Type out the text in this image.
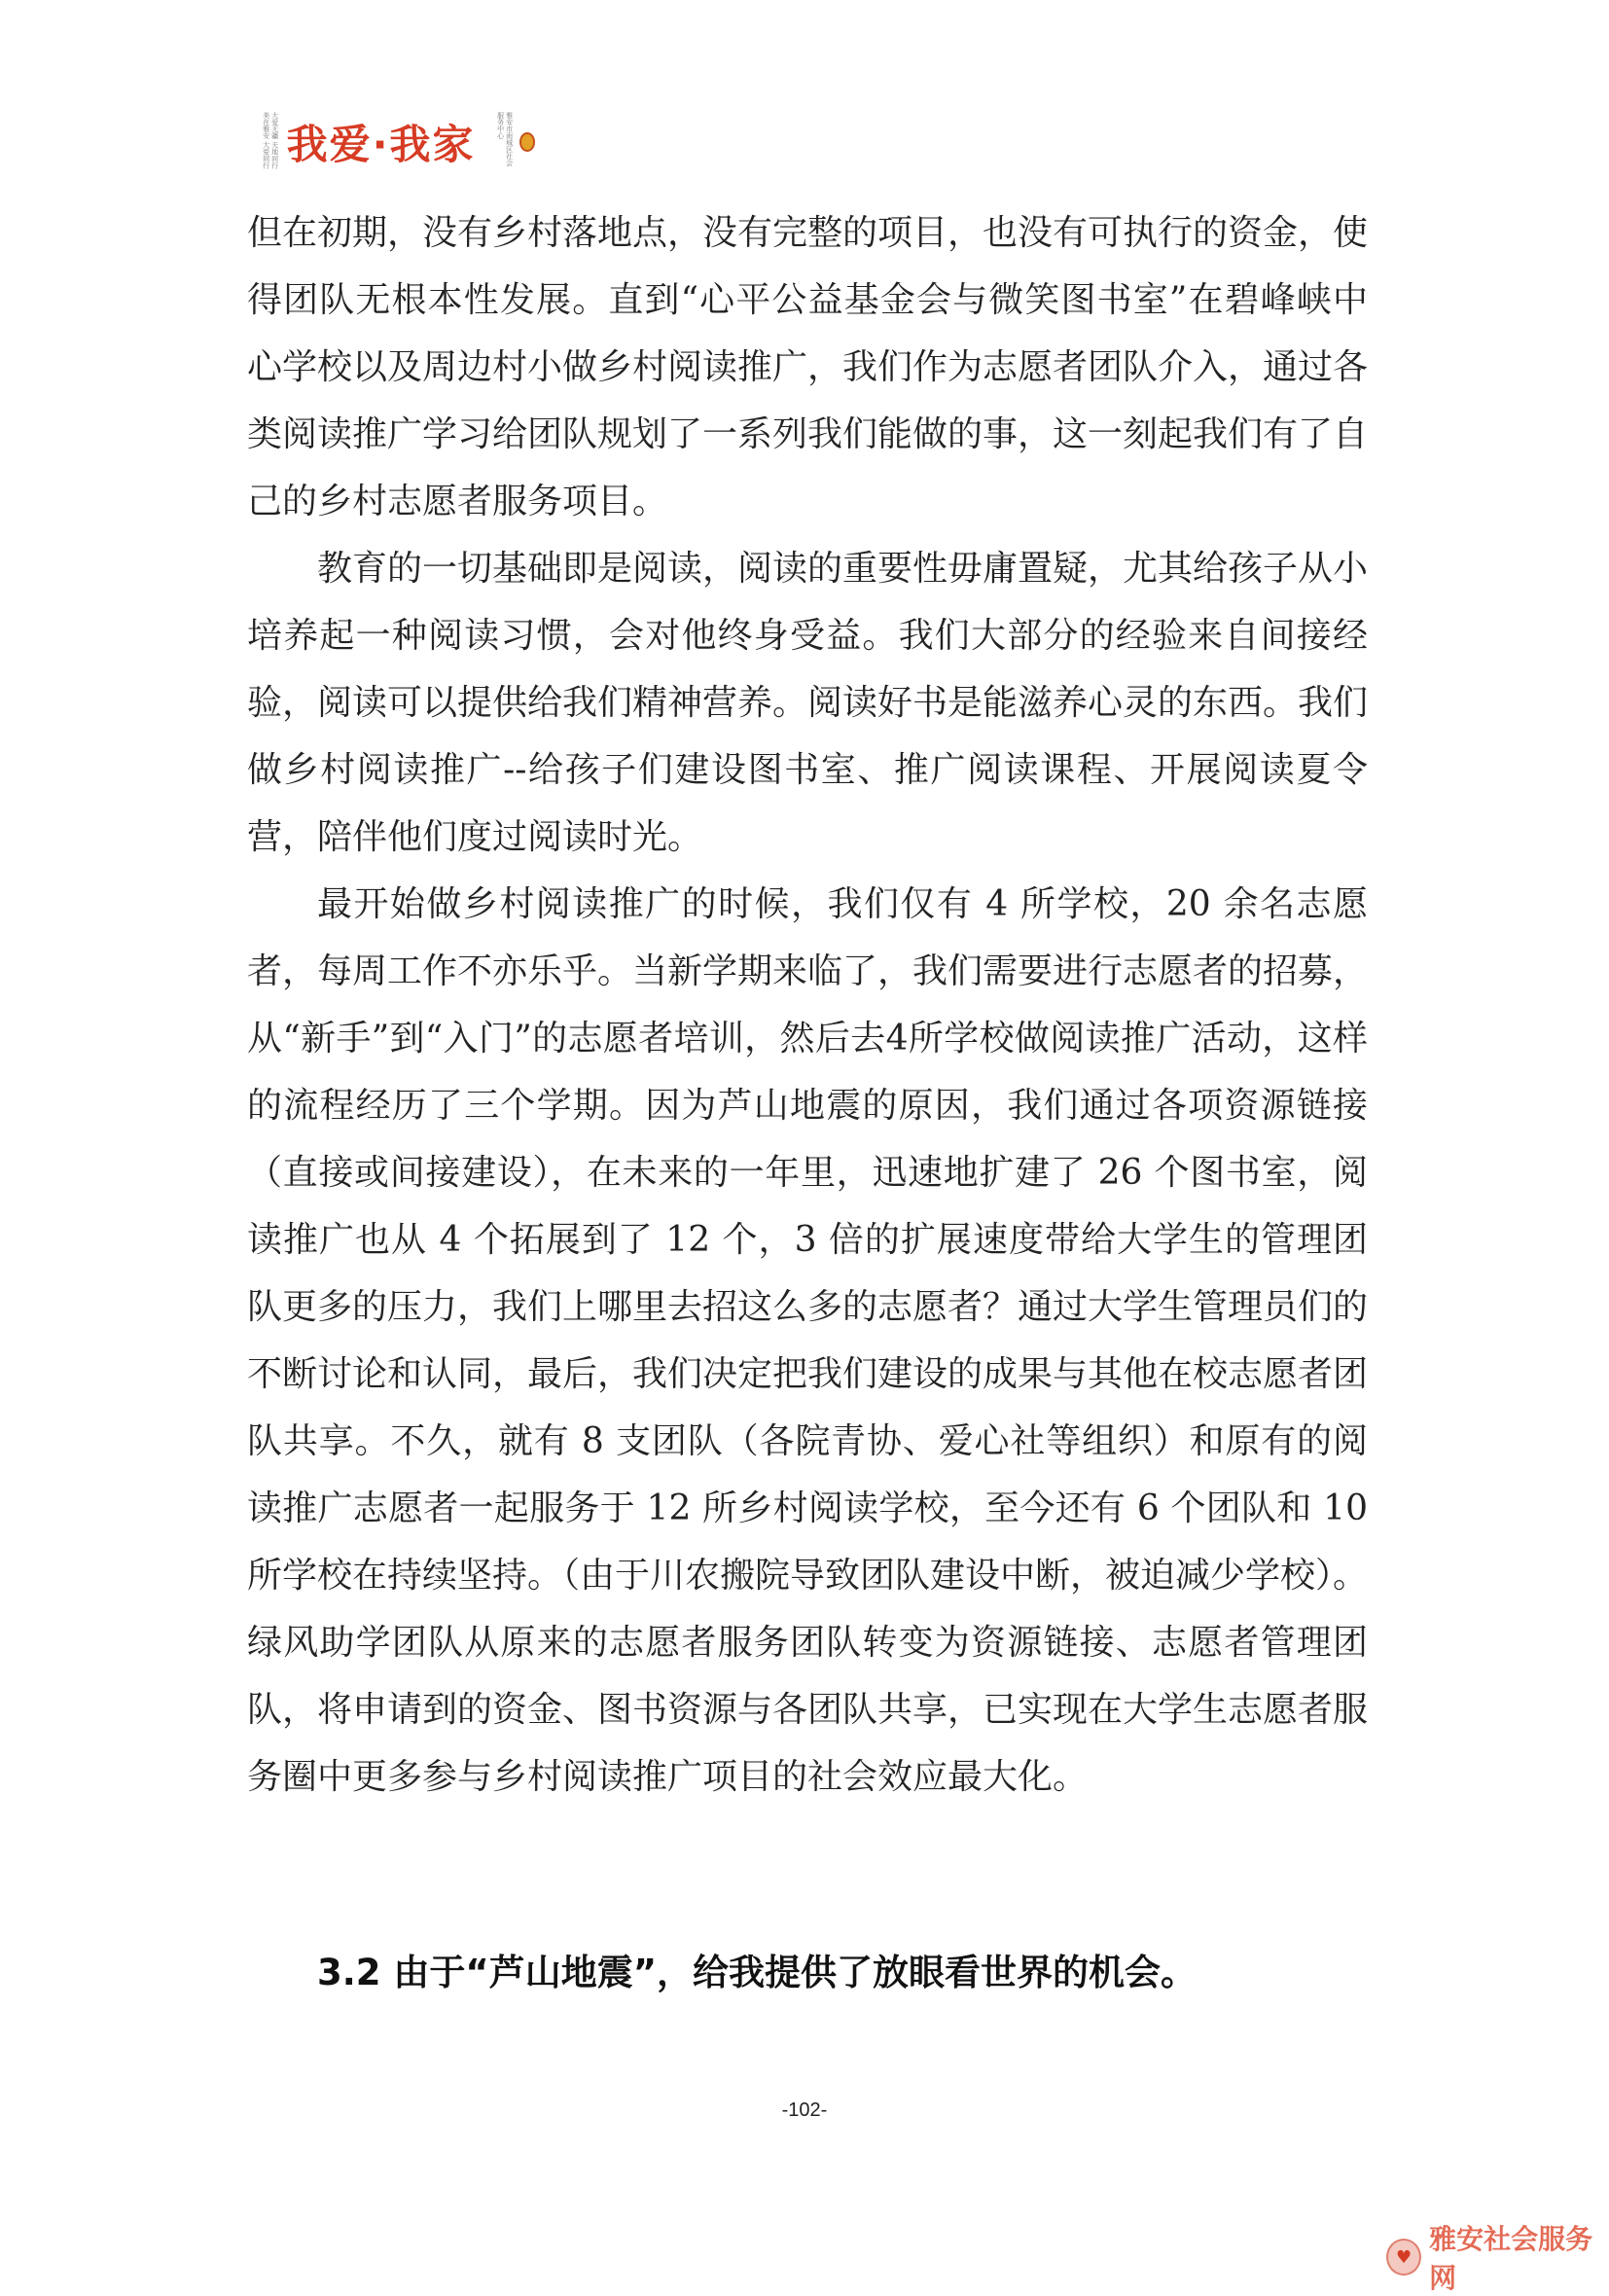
大爱无疆 天地同行 美在雅安 大爱同行 我爱·我家	雅安市雨城区社会服务中心

但在初期，没有乡村落地点，没有完整的项目，也没有可执行的资金，使得团队无根本性发展。直到“心平公益基金会与微笑图书室”在碧峰峡中心学校以及周边村小做乡村阅读推广，我们作为志愿者团队介入，通过各类阅读推广学习给团队规划了一系列我们能做的事，这一刻起我们有了自己的乡村志愿者服务项目。

教育的一切基础即是阅读，阅读的重要性毋庸置疑，尤其给孩子从小培养起一种阅读习惯，会对他终身受益。我们大部分的经验来自间接经验，阅读可以提供给我们精神营养。阅读好书是能滋养心灵的东西。我们做乡村阅读推广--给孩子们建设图书室、推广阅读课程、开展阅读夏令营，陪伴他们度过阅读时光。

最开始做乡村阅读推广的时候，我们仅有 4 所学校，20 余名志愿者，每周工作不亦乐乎。当新学期来临了，我们需要进行志愿者的招募，从“新手”到“入门”的志愿者培训，然后去4所学校做阅读推广活动，这样的流程经历了三个学期。因为芦山地震的原因，我们通过各项资源链接（直接或间接建设），在未来的一年里，迅速地扩建了 26 个图书室，阅读推广也从 4 个拓展到了 12 个，3 倍的扩展速度带给大学生的管理团队更多的压力，我们上哪里去招这么多的志愿者？通过大学生管理员们的不断讨论和认同，最后，我们决定把我们建设的成果与其他在校志愿者团队共享。不久，就有 8 支团队（各院青协、爱心社等组织）和原有的阅读推广志愿者一起服务于 12 所乡村阅读学校，至今还有 6 个团队和 10 所学校在持续坚持。（由于川农搬院导致团队建设中断，被迫减少学校）。绿风助学团队从原来的志愿者服务团队转变为资源链接、志愿者管理团队，将申请到的资金、图书资源与各团队共享，已实现在大学生志愿者服务圈中更多参与乡村阅读推广项目的社会效应最大化。

3.2 由于“芦山地震”，给我提供了放眼看世界的机会。
-102-
♥
雅安社会服务网
